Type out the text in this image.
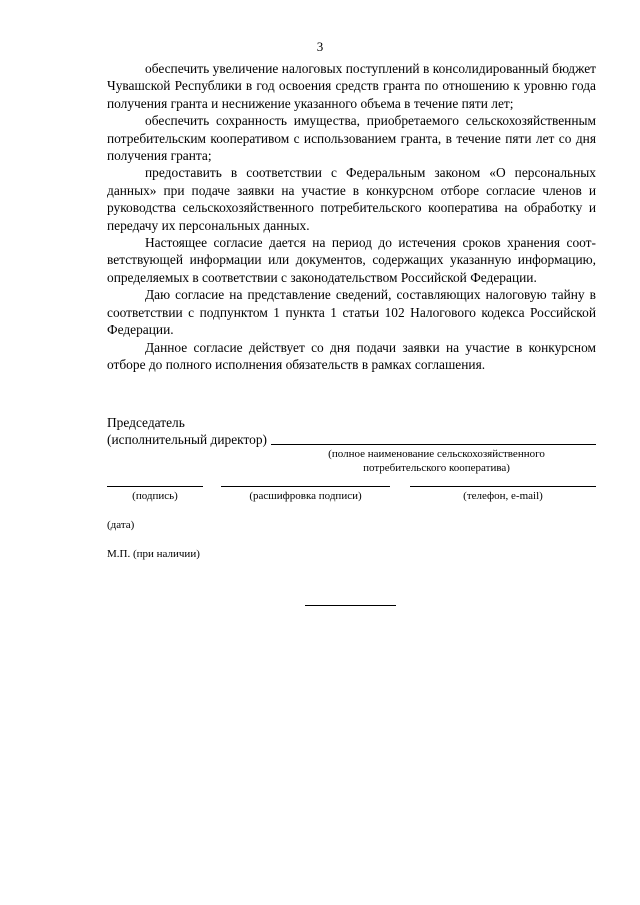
3

обеспечить увеличение налоговых поступлений в консолидированный бюджет Чувашской Республики в год освоения средств гранта по отношению к уровню года получения гранта и неснижение указанного объема в течение пяти лет;

обеспечить сохранность имущества, приобретаемого сельскохозяйственным потребительским кооперативом с использованием гранта, в течение пяти лет со дня получения гранта;

предоставить в соответствии с Федеральным законом «О персональных данных» при подаче заявки на участие в конкурсном отборе согласие членов и руководства сельскохозяйственного потребительского кооператива на обработку и передачу их персональных данных.

Настоящее согласие дается на период до истечения сроков хранения соответствующей информации или документов, содержащих указанную информацию, определяемых в соответствии с законодательством Российской Федерации.

Даю согласие на представление сведений, составляющих налоговую тайну в соответствии с подпунктом 1 пункта 1 статьи 102 Налогового кодекса Российской Федерации.

Данное согласие действует со дня подачи заявки на участие в конкурсном отборе до полного исполнения обязательств в рамках соглашения.

Председатель
(исполнительный директор)
(полное наименование сельскохозяйственного
потребительского кооператива)
(подпись)	(расшифровка подписи)	(телефон, e-mail)
(дата)
М.П. (при наличии)
